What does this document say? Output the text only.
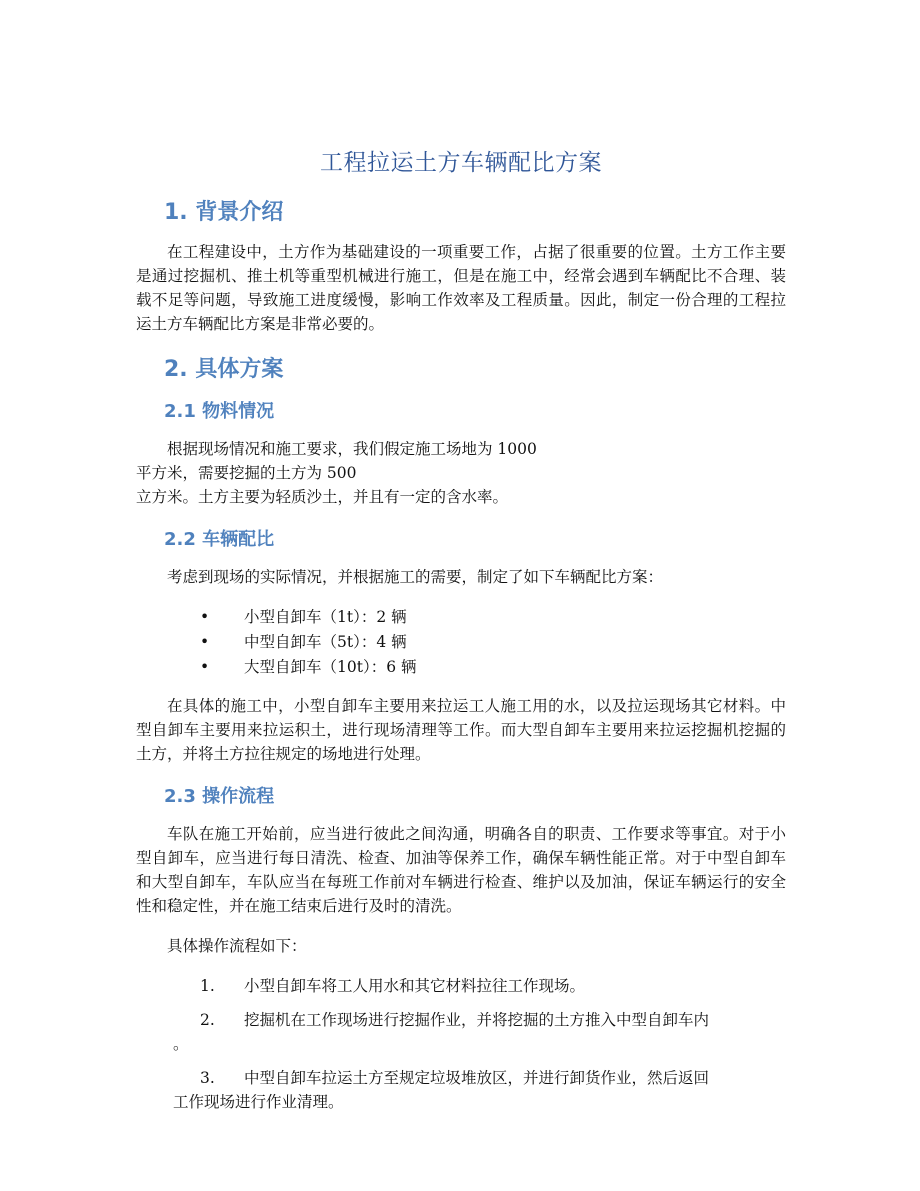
工程拉运土方车辆配比方案
1. 背景介绍

在工程建设中，土方作为基础建设的一项重要工作，占据了很重要的位置。土方工作主要是通过挖掘机、推土机等重型机械进行施工，但是在施工中，经常会遇到车辆配比不合理、装载不足等问题，导致施工进度缓慢，影响工作效率及工程质量。因此，制定一份合理的工程拉运土方车辆配比方案是非常必要的。

2. 具体方案
2.1 物料情况
根据现场情况和施工要求，我们假定施工场地为 1000
平方米，需要挖掘的土方为 500
立方米。土方主要为轻质沙土，并且有一定的含水率。
2.2 车辆配比

考虑到现场的实际情况，并根据施工的需要，制定了如下车辆配比方案：

• 小型自卸车（1t）：2 辆
• 中型自卸车（5t）：4 辆
• 大型自卸车（10t）：6 辆

在具体的施工中，小型自卸车主要用来拉运工人施工用的水，以及拉运现场其它材料。中型自卸车主要用来拉运积土，进行现场清理等工作。而大型自卸车主要用来拉运挖掘机挖掘的土方，并将土方拉往规定的场地进行处理。

2.3 操作流程

车队在施工开始前，应当进行彼此之间沟通，明确各自的职责、工作要求等事宜。对于小型自卸车，应当进行每日清洗、检查、加油等保养工作，确保车辆性能正常。对于中型自卸车和大型自卸车，车队应当在每班工作前对车辆进行检查、维护以及加油，保证车辆运行的安全性和稳定性，并在施工结束后进行及时的清洗。

具体操作流程如下：

1. 小型自卸车将工人用水和其它材料拉往工作现场。
2. 挖掘机在工作现场进行挖掘作业，并将挖掘的土方推入中型自卸车内
。
3. 中型自卸车拉运土方至规定垃圾堆放区，并进行卸货作业，然后返回
工作现场进行作业清理。
